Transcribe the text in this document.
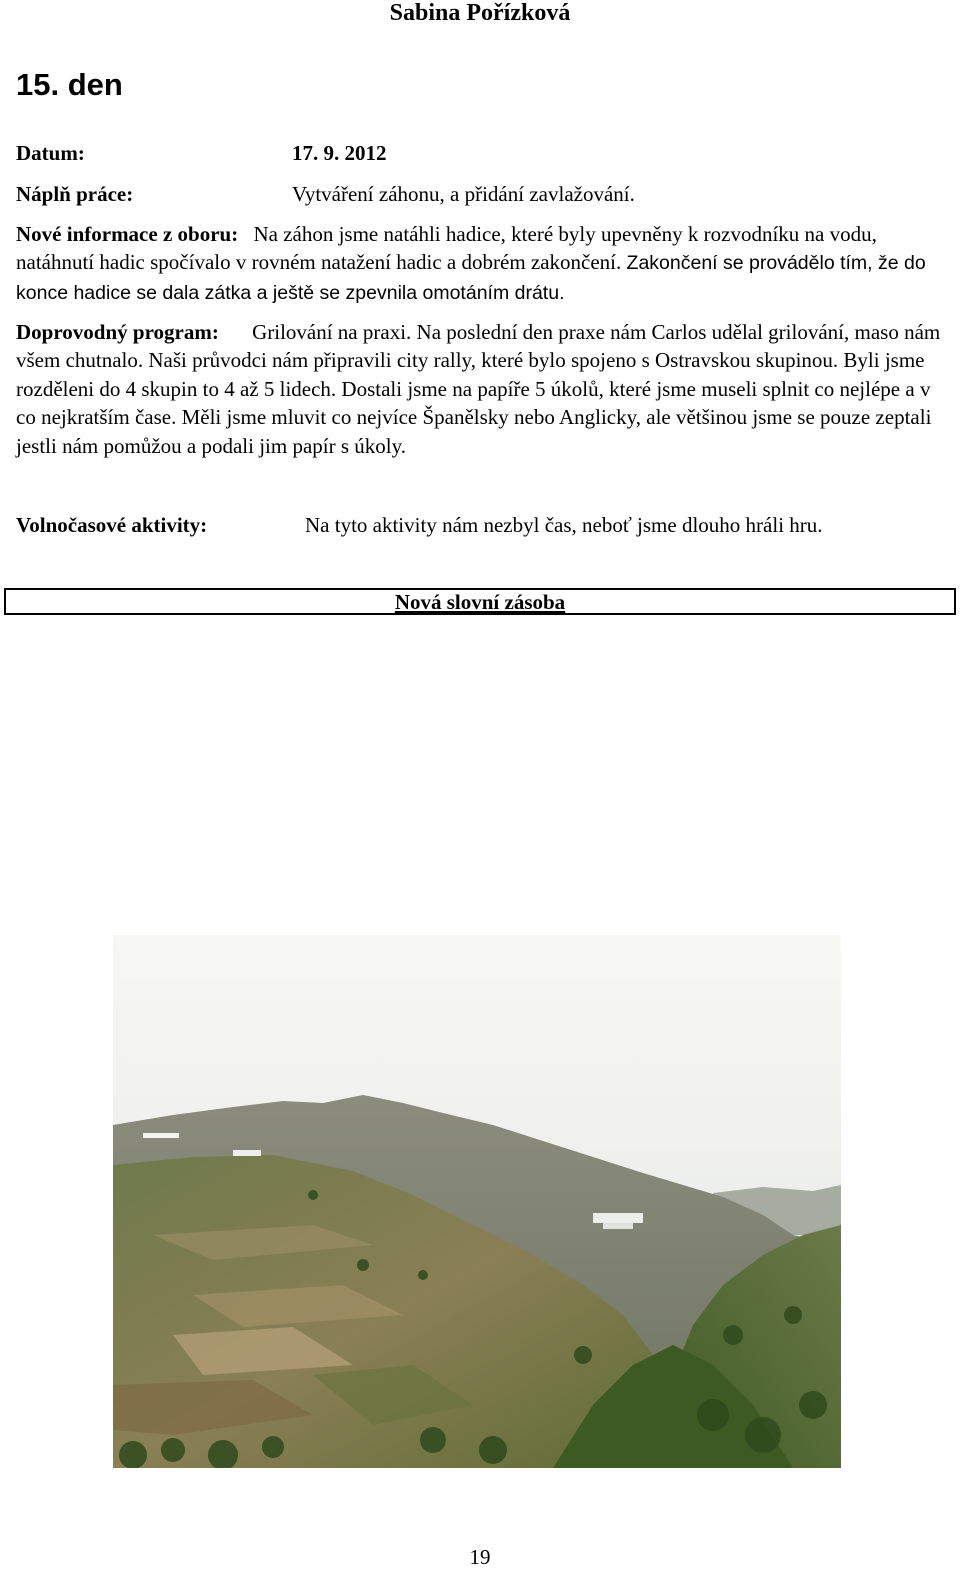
Sabina Pořízková
15. den
Datum:	17. 9. 2012
Náplň práce:	Vytváření záhonu, a přidání zavlažování.
Nové informace z oboru: Na záhon jsme natáhli hadice, které byly upevněny k rozvodníku na vodu, natáhnutí hadic spočívalo v rovném natažení hadic a dobrém zakončení. Zakončení se provádělo tím, že do konce hadice se dala zátka a ještě se zpevnila omotáním drátu.
Doprovodný program: Grilování na praxi. Na poslední den praxe nám Carlos udělal grilování, maso nám všem chutnalo. Naši průvodci nám připravili city rally, které bylo spojeno s Ostravskou skupinou. Byli jsme rozděleni do 4 skupin to 4 až 5 lidech. Dostali jsme na papíře 5 úkolů, které jsme museli splnit co nejlépe a v co nejkratším čase. Měli jsme mluvit co nejvíce Španělsky nebo Anglicky, ale většinou jsme se pouze zeptali jestli nám pomůžou a podali jim papír s úkoly.
Volnočasové aktivity:	Na tyto aktivity nám nezbyl čas, neboť jsme dlouho hráli hru.
Nová slovní zásoba
19
